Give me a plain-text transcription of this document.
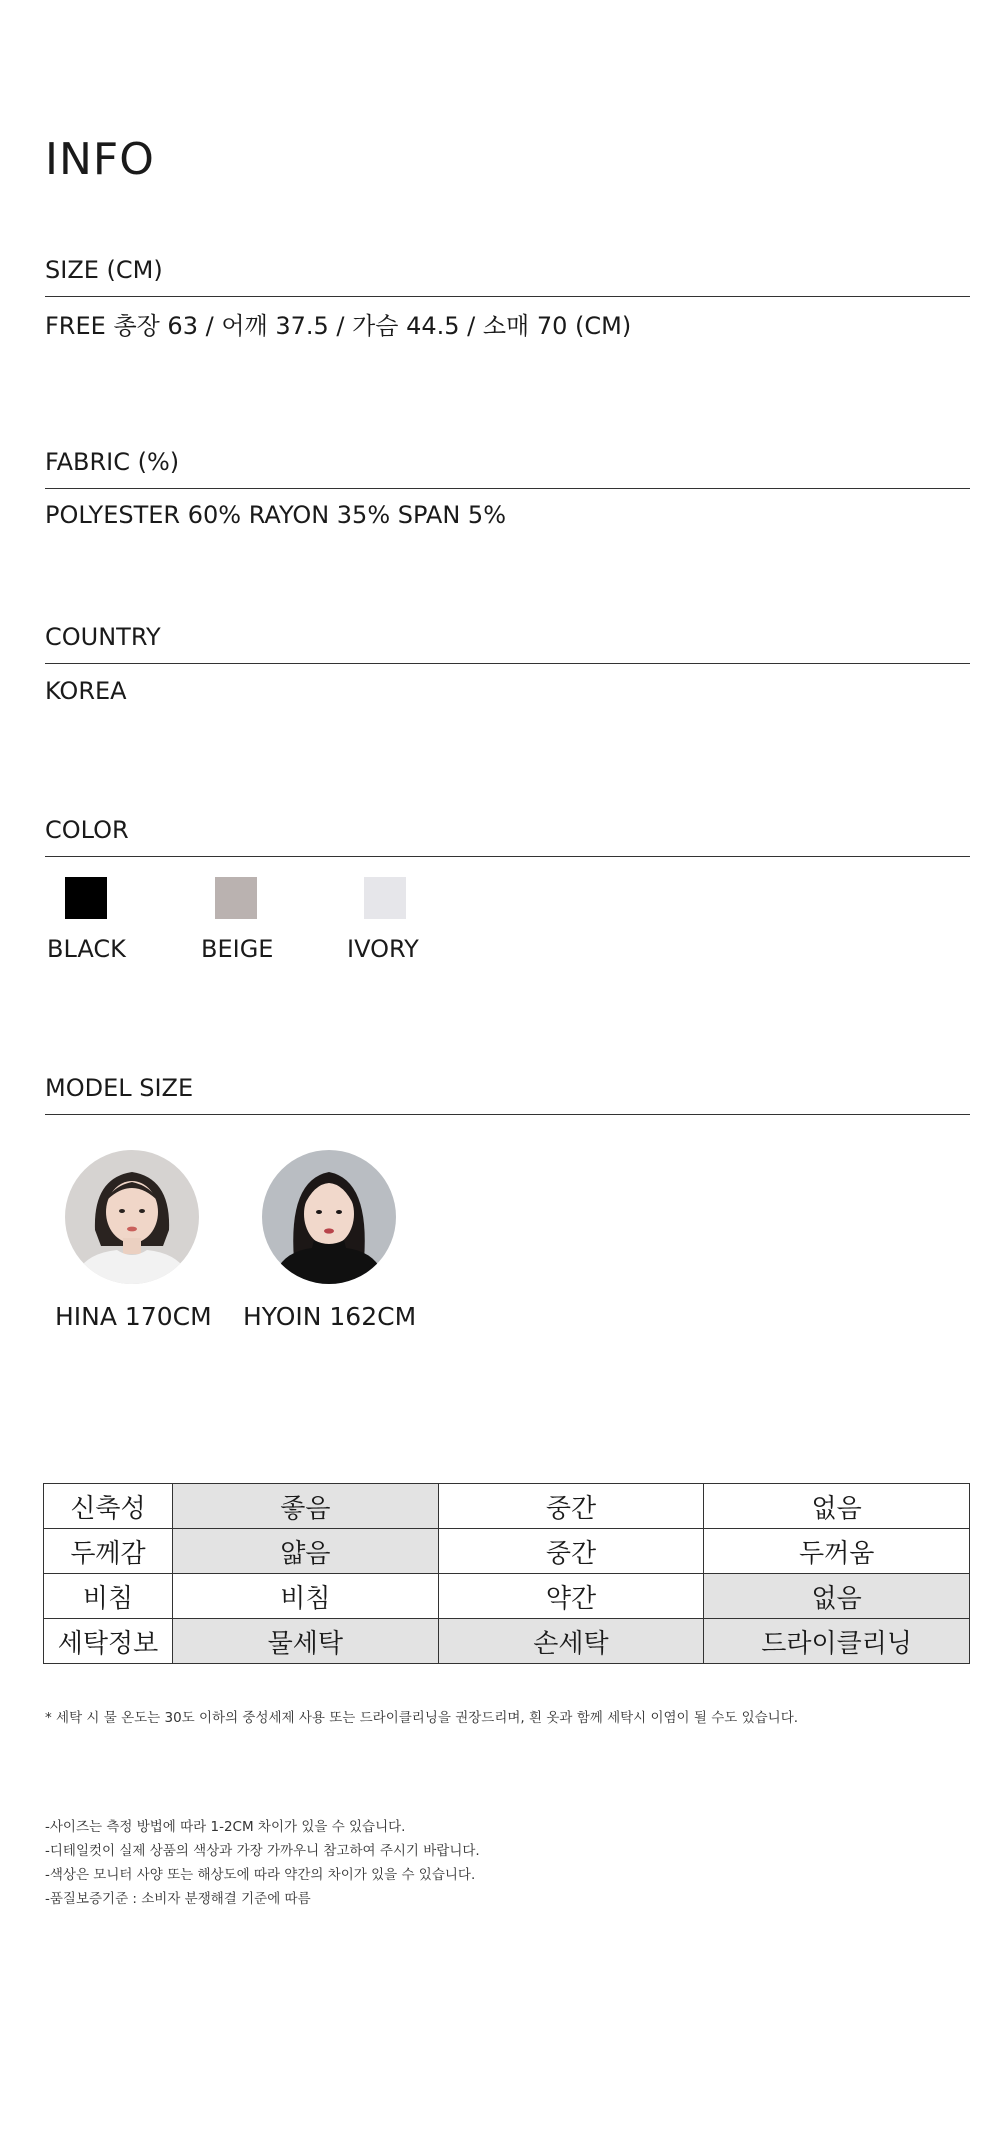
INFO
SIZE (CM)
FREE 총장 63 / 어깨 37.5 / 가슴 44.5 / 소매 70 (CM)
FABRIC (%)
POLYESTER 60% RAYON 35% SPAN 5%
COUNTRY
KOREA
COLOR
BLACK	BEIGE	IVORY
MODEL SIZE
HINA 170CM HYOIN 162CM
신축성	좋음	중간	없음
두께감	얇음	중간	두꺼움
비침	비침	약간	없음
세탁정보	물세탁	손세탁	드라이클리닝
* 세탁 시 물 온도는 30도 이하의 중성세제 사용 또는 드라이클리닝을 권장드리며, 흰 옷과 함께 세탁시 이염이 될 수도 있습니다.
-사이즈는 측정 방법에 따라 1-2CM 차이가 있을 수 있습니다.
-디테일컷이 실제 상품의 색상과 가장 가까우니 참고하여 주시기 바랍니다.
-색상은 모니터 사양 또는 해상도에 따라 약간의 차이가 있을 수 있습니다.
-품질보증기준 : 소비자 분쟁해결 기준에 따름
